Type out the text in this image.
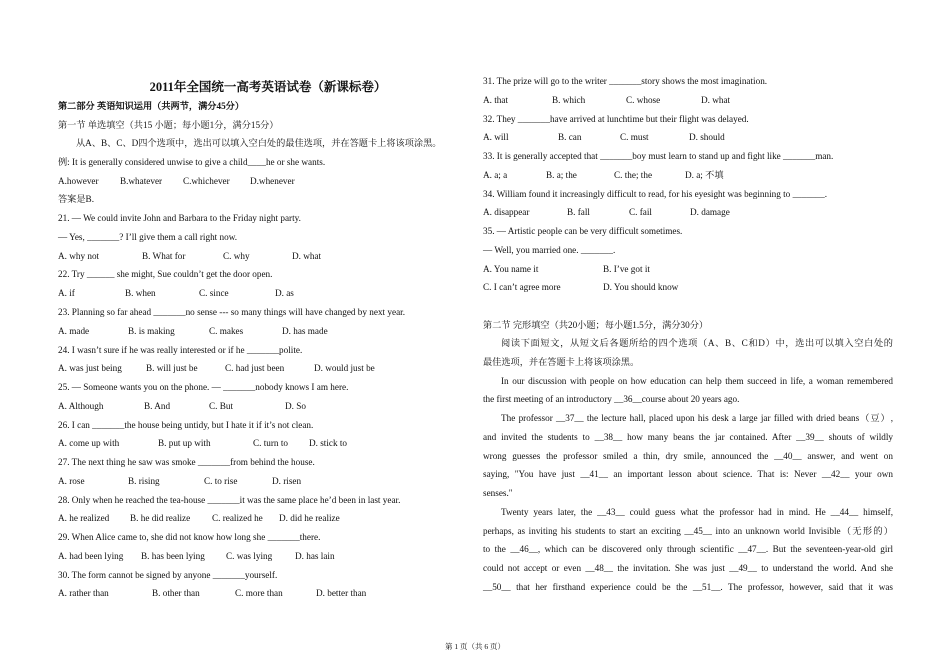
2011年全国统一高考英语试卷（新课标卷）
第二部分 英语知识运用（共两节，满分45分）
第一节 单选填空（共15 小题；每小题1分，满分15分）
从A、B、C、D四个选项中，选出可以填入空白处的最佳选项，并在答题卡上将该项涂黑。
例: It is generally considered unwise to give a child____he or she wants.
A.however B.whatever C.whichever D.whenever
答案是B.
21. — We could invite John and Barbara to the Friday night party.
— Yes, _______? I’ll give them a call right now.
A. why not	B. What for	C. why	D. what
22. Try ______ she might, Sue couldn’t get the door open.
A. if	B. when	C. since	D. as
23. Planning so far ahead _______no sense --- so many things will have changed by next year.
A. made	B. is making	C. makes	D. has made
24. I wasn’t sure if he was really interested or if he _______polite.
A. was just being	B. will just be	C. had just been	D. would just be
25. — Someone wants you on the phone. — _______nobody knows I am here.
A. Although	B. And	C. But	D. So
26. I can _______the house being untidy, but I hate it if it’s not clean.
A. come up with	B. put up with	C. turn to D. stick to
27. The next thing he saw was smoke _______from behind the house.
A. rose	B. rising	C. to rise	D. risen
28. Only when he reached the tea-house _______it was the same place he’d been in last year.
A. he realized B. he did realize C. realized he D. did he realize
29. When Alice came to, she did not know how long she _______there.
A. had been lying B. has been lying C. was lying D. has lain
30. The form cannot be signed by anyone _______yourself.
A. rather than	B. other than	C. more than	D. better than
31. The prize will go to the writer _______story shows the most imagination.
A. that	B. which	C. whose	D. what
32. They _______have arrived at lunchtime but their flight was delayed.
A. will	B. can	C. must	D. should
33. It is generally accepted that _______boy must learn to stand up and fight like _______man.
A. a; a	B. a; the	C. the; the	D. a; 不填
34. William found it increasingly difficult to read, for his eyesight was beginning to _______.
A. disappear	B. fall	C. fail	D. damage
35. — Artistic people can be very difficult sometimes.
— Well, you married one. _______.
A. You name it	B. I’ve got it
C. I can’t agree more	D. You should know
第二节 完形填空（共20小题；每小题1.5分，满分30分）
阅读下面短文，从短文后各题所给的四个选项（A、B、C和D）中，选出可以填入空白处的
最佳选项，并在答题卡上将该项涂黑。
In our discussion with people on how education can help them succeed in life, a woman remembered
the first meeting of an introductory __36__course about 20 years ago.
The professor __37__ the lecture hall, placed upon his desk a large jar filled with dried beans（豆）,
and invited the students to __38__ how many beans the jar contained. After __39__ shouts of wildly
wrong guesses the professor smiled a thin, dry smile, announced the __40__ answer, and went on
saying, "You have just __41__ an important lesson about science. That is: Never __42__ your own
senses."
Twenty years later, the __43__ could guess what the professor had in mind. He __44__ himself,
perhaps, as inviting his students to start an exciting __45__ into an unknown world Invisible（无形的）
to the __46__, which can be discovered only through scientific __47__. But the seventeen-year-old girl
could not accept or even __48__ the invitation. She was just __49__ to understand the world. And she
__50__ that her firsthand experience could be the __51__. The professor, however, said that it was
第 1 页（共 6 页）
